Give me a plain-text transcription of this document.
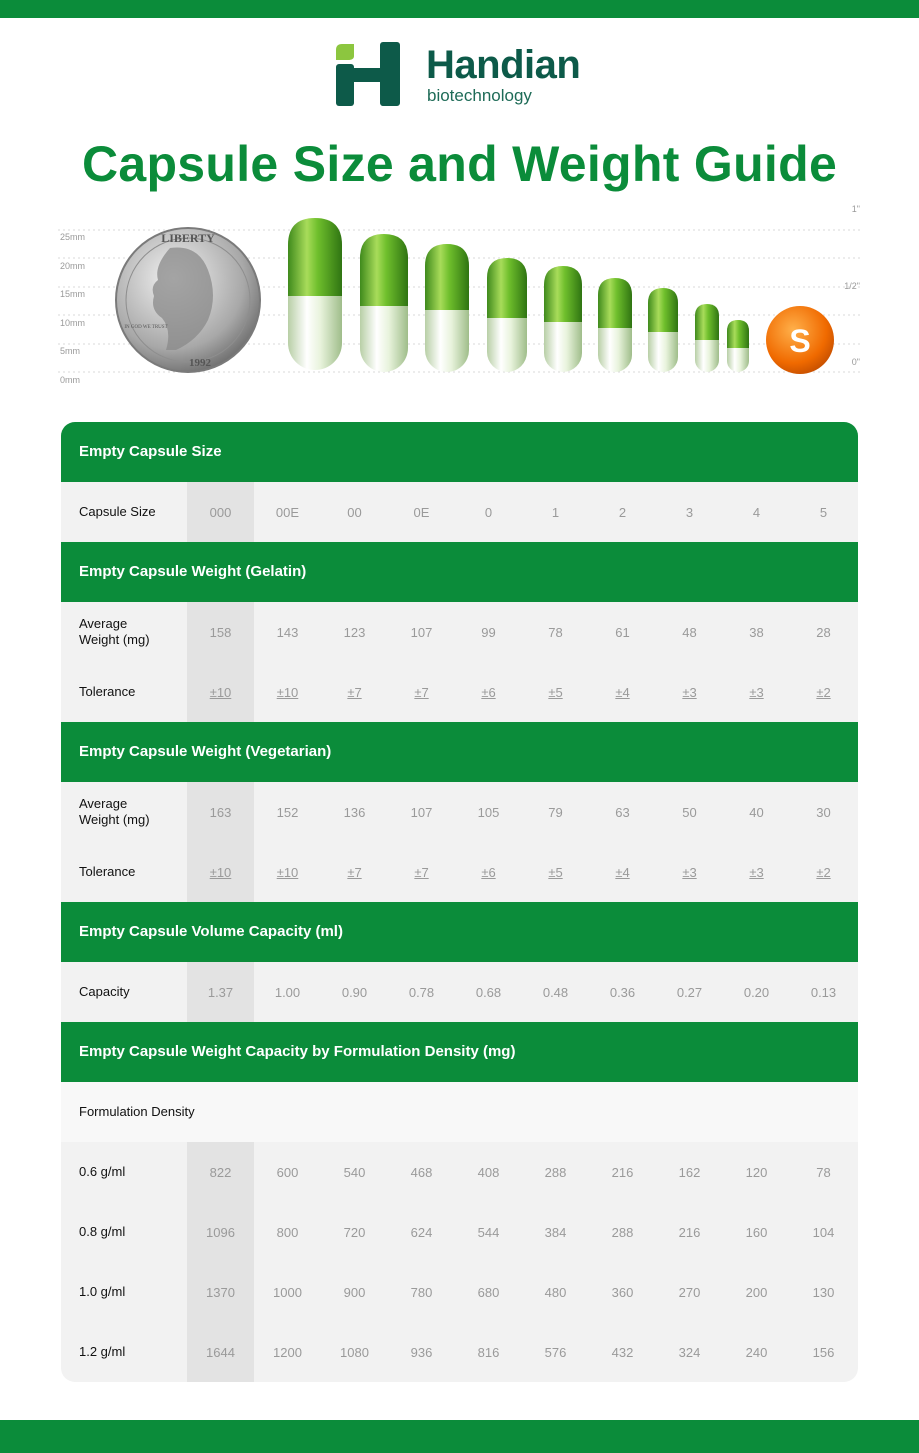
Handian
biotechnology
Capsule Size and Weight Guide
25mm
20mm
15mm
10mm
5mm
0mm
1"
1/2"
0"
LIBERTY
1992
IN GOD WE TRUST	S
Empty Capsule Size
Capsule Size	000	00E	00	0E	0	1	2	3	4	5
Empty Capsule Weight (Gelatin)
Average
Weight (mg)	158	143	123	107	99	78	61	48	38	28
Tolerance	±10	±10	±7	±7	±6	±5	±4	±3	±3	±2
Empty Capsule Weight (Vegetarian)
Average
Weight (mg)	163	152	136	107	105	79	63	50	40	30
Tolerance	±10	±10	±7	±7	±6	±5	±4	±3	±3	±2
Empty Capsule Volume Capacity (ml)
Capacity	1.37	1.00	0.90	0.78	0.68	0.48	0.36	0.27	0.20	0.13
Empty Capsule Weight Capacity by Formulation Density (mg)
Formulation Density
0.6 g/ml	822	600	540	468	408	288	216	162	120	78
0.8 g/ml	1096	800	720	624	544	384	288	216	160	104
1.0 g/ml	1370	1000	900	780	680	480	360	270	200	130
1.2 g/ml	1644	1200	1080	936	816	576	432	324	240	156
